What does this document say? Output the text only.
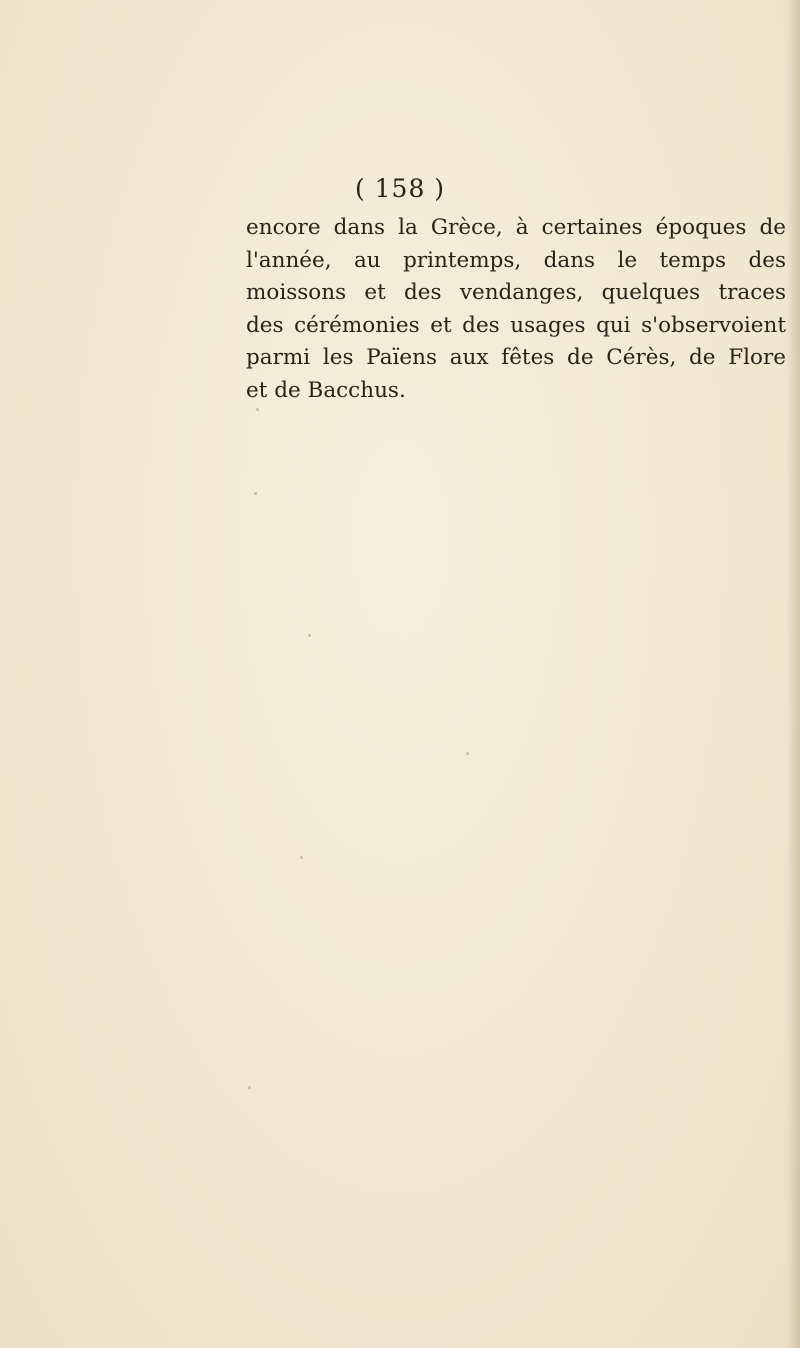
( 158 )
encore dans la Grèce, à certaines époques de
l'année, au printemps, dans le temps des
moissons et des vendanges, quelques traces
des cérémonies et des usages qui s'observoient
parmi les Païens aux fêtes de Cérès, de Flore
et de Bacchus.
